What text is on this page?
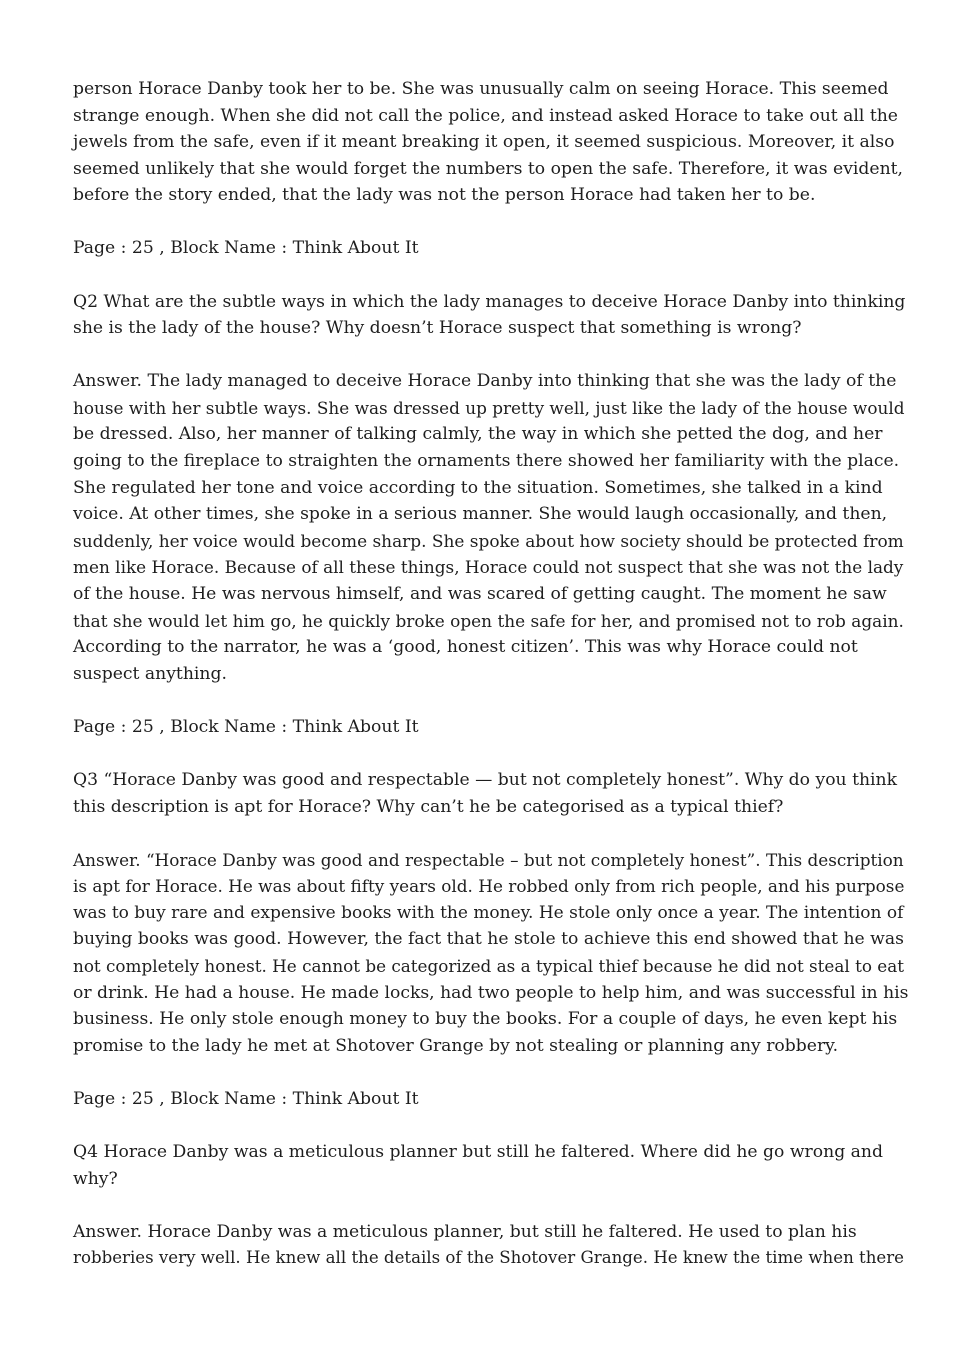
person Horace Danby took her to be. She was unusually calm on seeing Horace. This seemed
strange enough. When she did not call the police, and instead asked Horace to take out all the
jewels from the safe, even if it meant breaking it open, it seemed suspicious. Moreover, it also
seemed unlikely that she would forget the numbers to open the safe. Therefore, it was evident,
before the story ended, that the lady was not the person Horace had taken her to be.

Page : 25 , Block Name : Think About It

Q2 What are the subtle ways in which the lady manages to deceive Horace Danby into thinking
she is the lady of the house? Why doesn’t Horace suspect that something is wrong?

Answer. The lady managed to deceive Horace Danby into thinking that she was the lady of the
house with her subtle ways. She was dressed up pretty well, just like the lady of the house would
be dressed. Also, her manner of talking calmly, the way in which she petted the dog, and her
going to the fireplace to straighten the ornaments there showed her familiarity with the place.
She regulated her tone and voice according to the situation. Sometimes, she talked in a kind
voice. At other times, she spoke in a serious manner. She would laugh occasionally, and then,
suddenly, her voice would become sharp. She spoke about how society should be protected from
men like Horace. Because of all these things, Horace could not suspect that she was not the lady
of the house. He was nervous himself, and was scared of getting caught. The moment he saw
that she would let him go, he quickly broke open the safe for her, and promised not to rob again.
According to the narrator, he was a ‘good, honest citizen’. This was why Horace could not
suspect anything.

Page : 25 , Block Name : Think About It

Q3 “Horace Danby was good and respectable — but not completely honest”. Why do you think
this description is apt for Horace? Why can’t he be categorised as a typical thief?

Answer. “Horace Danby was good and respectable – but not completely honest”. This description
is apt for Horace. He was about fifty years old. He robbed only from rich people, and his purpose
was to buy rare and expensive books with the money. He stole only once a year. The intention of
buying books was good. However, the fact that he stole to achieve this end showed that he was
not completely honest. He cannot be categorized as a typical thief because he did not steal to eat
or drink. He had a house. He made locks, had two people to help him, and was successful in his
business. He only stole enough money to buy the books. For a couple of days, he even kept his
promise to the lady he met at Shotover Grange by not stealing or planning any robbery.

Page : 25 , Block Name : Think About It

Q4 Horace Danby was a meticulous planner but still he faltered. Where did he go wrong and
why?

Answer. Horace Danby was a meticulous planner, but still he faltered. He used to plan his
robberies very well. He knew all the details of the Shotover Grange. He knew the time when there
